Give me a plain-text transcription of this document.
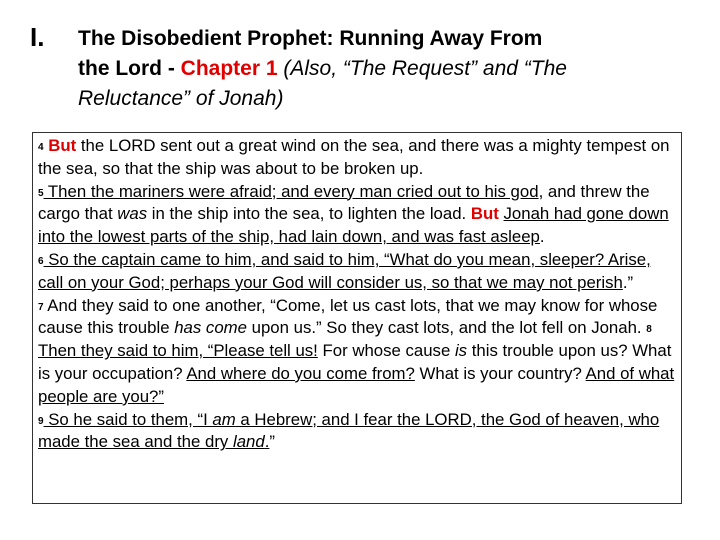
I. The Disobedient Prophet: Running Away From
the Lord - Chapter 1 (Also, “The Request” and “The
Reluctance” of Jonah)
$^4$ But the LORD sent out a great wind on the sea, and there was a mighty tempest on the sea, so that the ship was about to be broken up.
$^5$ Then the mariners were afraid; and every man cried out to his god, and threw the cargo that was in the ship into the sea, to lighten the load. But Jonah had gone down into the lowest parts of the ship, had lain down, and was fast asleep.
$^6$ So the captain came to him, and said to him, “What do you mean, sleeper? Arise, call on your God; perhaps your God will consider us, so that we may not perish.”
$^7$ And they said to one another, “Come, let us cast lots, that we may know for whose cause this trouble has come upon us.” So they cast lots, and the lot fell on Jonah. $^8$ Then they said to him, “Please tell us! For whose cause is this trouble upon us? What is your occupation? And where do you come from? What is your country? And of what people are you?”
$^9$ So he said to them, “I am a Hebrew; and I fear the LORD, the God of heaven, who made the sea and the dry land.”
